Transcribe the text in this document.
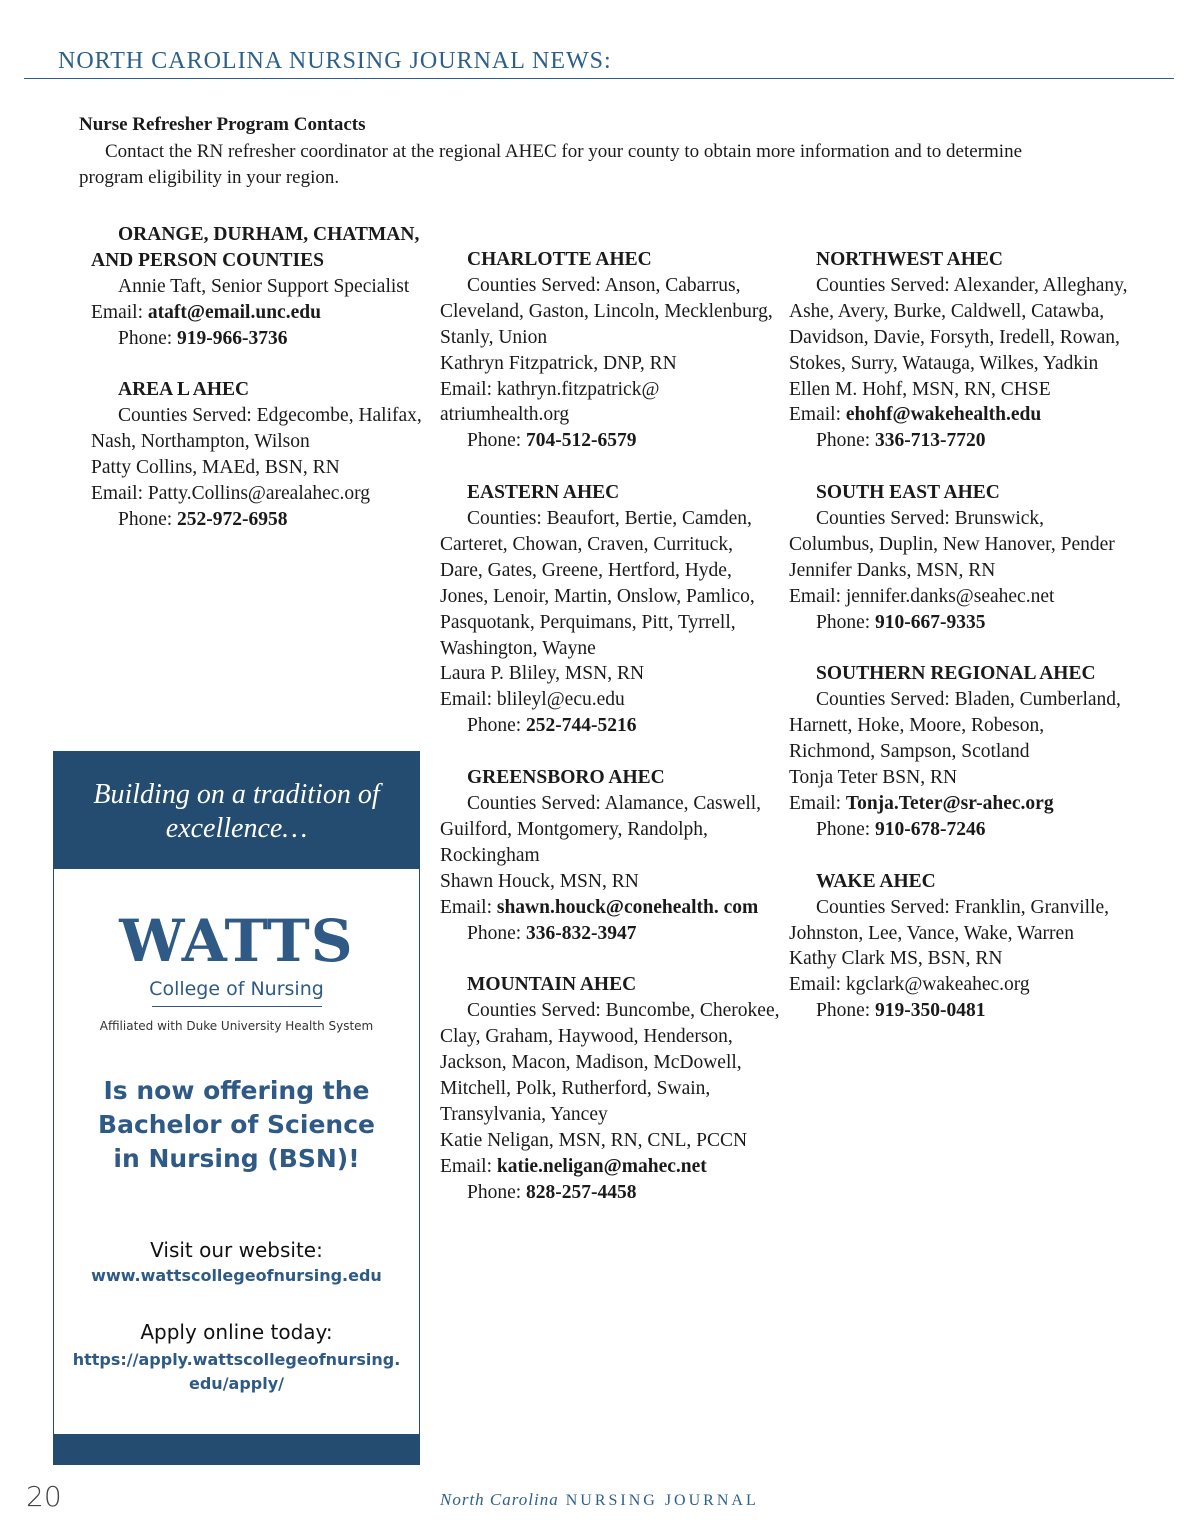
NORTH CAROLINA NURSING JOURNAL NEWS:
Nurse Refresher Program Contacts
Contact the RN refresher coordinator at the regional AHEC for your county to obtain more information and to determine program eligibility in your region.
ORANGE, DURHAM, CHATMAN, AND PERSON COUNTIES
Annie Taft, Senior Support Specialist
Email: ataft@email.unc.edu
Phone: 919-966-3736
AREA L AHEC
Counties Served: Edgecombe, Halifax, Nash, Northampton, Wilson
Patty Collins, MAEd, BSN, RN
Email: Patty.Collins@arealahec.org
Phone: 252-972-6958
CHARLOTTE AHEC
Counties Served: Anson, Cabarrus, Cleveland, Gaston, Lincoln, Mecklenburg, Stanly, Union
Kathryn Fitzpatrick, DNP, RN
Email: kathryn.fitzpatrick@ atriumhealth.org
Phone: 704-512-6579
EASTERN AHEC
Counties: Beaufort, Bertie, Camden, Carteret, Chowan, Craven, Currituck, Dare, Gates, Greene, Hertford, Hyde, Jones, Lenoir, Martin, Onslow, Pamlico, Pasquotank, Perquimans, Pitt, Tyrrell, Washington, Wayne
Laura P. Bliley, MSN, RN
Email: blileyl@ecu.edu
Phone: 252-744-5216
GREENSBORO AHEC
Counties Served: Alamance, Caswell, Guilford, Montgomery, Randolph, Rockingham
Shawn Houck, MSN, RN
Email: shawn.houck@conehealth. com
Phone: 336-832-3947
MOUNTAIN AHEC
Counties Served: Buncombe, Cherokee, Clay, Graham, Haywood, Henderson, Jackson, Macon, Madison, McDowell, Mitchell, Polk, Rutherford, Swain, Transylvania, Yancey
Katie Neligan, MSN, RN, CNL, PCCN
Email: katie.neligan@mahec.net
Phone: 828-257-4458
NORTHWEST AHEC
Counties Served: Alexander, Alleghany, Ashe, Avery, Burke, Caldwell, Catawba, Davidson, Davie, Forsyth, Iredell, Rowan, Stokes, Surry, Watauga, Wilkes, Yadkin
Ellen M. Hohf, MSN, RN, CHSE
Email: ehohf@wakehealth.edu
Phone: 336-713-7720
SOUTH EAST AHEC
Counties Served: Brunswick, Columbus, Duplin, New Hanover, Pender
Jennifer Danks, MSN, RN
Email: jennifer.danks@seahec.net
Phone: 910-667-9335
SOUTHERN REGIONAL AHEC
Counties Served: Bladen, Cumberland, Harnett, Hoke, Moore, Robeson, Richmond, Sampson, Scotland
Tonja Teter BSN, RN
Email: Tonja.Teter@sr-ahec.org
Phone: 910-678-7246
WAKE AHEC
Counties Served: Franklin, Granville, Johnston, Lee, Vance, Wake, Warren
Kathy Clark MS, BSN, RN
Email: kgclark@wakeahec.org
Phone: 919-350-0481
Building on a tradition of excellence…
WATTS
College of Nursing
Affiliated with Duke University Health System
Is now offering the Bachelor of Science in Nursing (BSN)!
Visit our website:
www.wattscollegeofnursing.edu
Apply online today:
https://apply.wattscollegeofnursing. edu/apply/
20	North Carolina NURSING JOURNAL
